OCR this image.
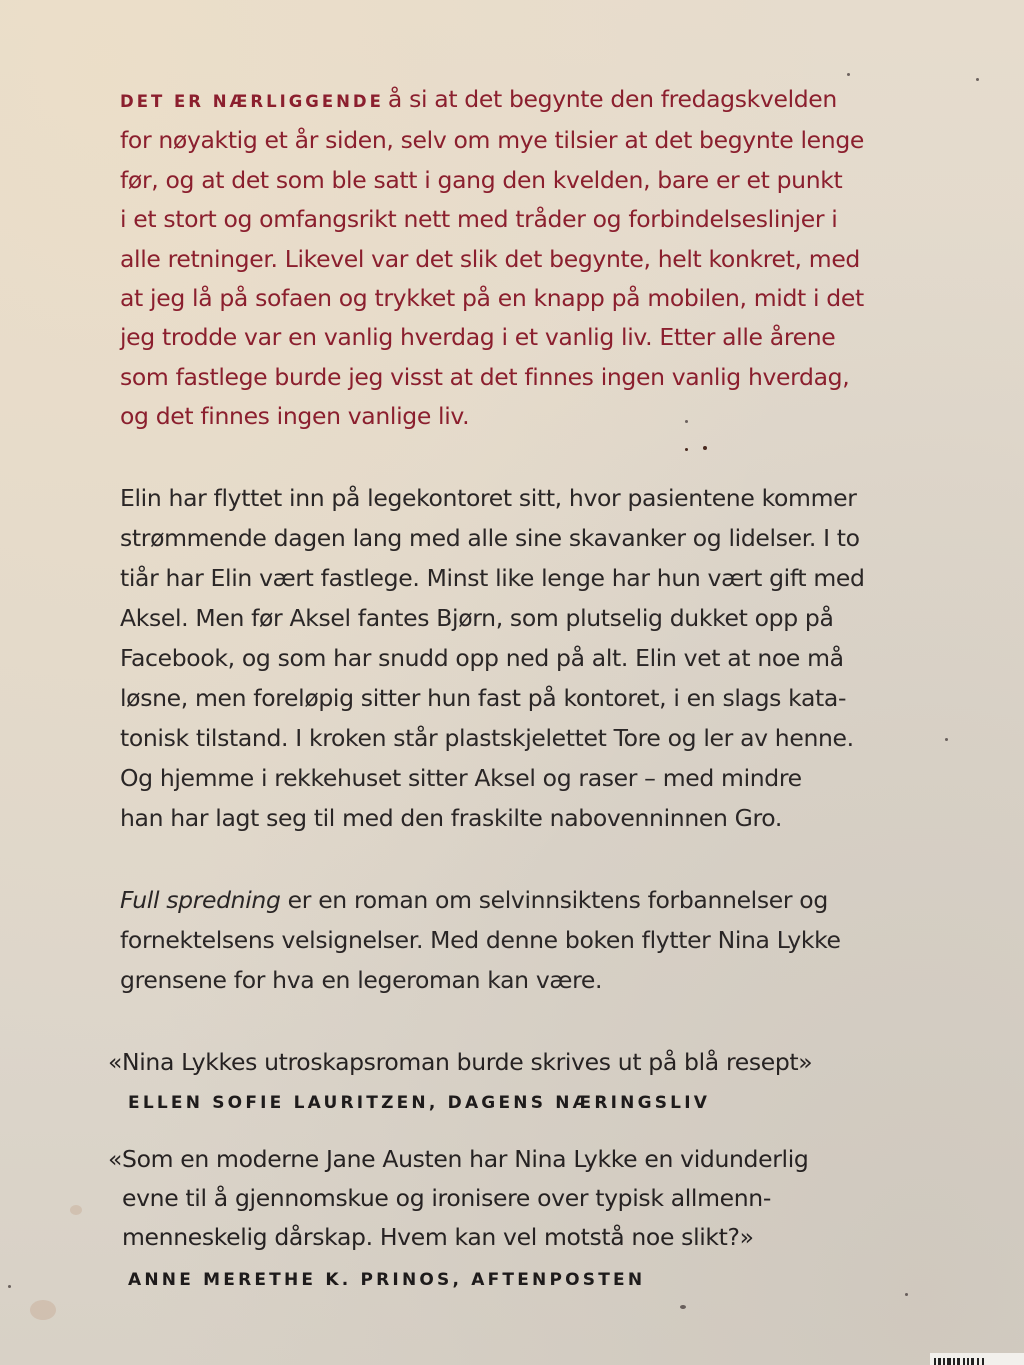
DET ER NÆRLIGGENDE å si at det begynte den fredagskvelden
for nøyaktig et år siden, selv om mye tilsier at det begynte lenge
før, og at det som ble satt i gang den kvelden, bare er et punkt
i et stort og omfangsrikt nett med tråder og forbindelseslinjer i
alle retninger. Likevel var det slik det begynte, helt konkret, med
at jeg lå på sofaen og trykket på en knapp på mobilen, midt i det
jeg trodde var en vanlig hverdag i et vanlig liv. Etter alle årene
som fastlege burde jeg visst at det finnes ingen vanlig hverdag,
og det finnes ingen vanlige liv.

Elin har flyttet inn på legekontoret sitt, hvor pasientene kommer
strømmende dagen lang med alle sine skavanker og lidelser. I to
tiår har Elin vært fastlege. Minst like lenge har hun vært gift med
Aksel. Men før Aksel fantes Bjørn, som plutselig dukket opp på
Facebook, og som har snudd opp ned på alt. Elin vet at noe må
løsne, men foreløpig sitter hun fast på kontoret, i en slags kata-
tonisk tilstand. I kroken står plastskjelettet Tore og ler av henne.
Og hjemme i rekkehuset sitter Aksel og raser – med mindre
han har lagt seg til med den fraskilte nabovenninnen Gro.

Full spredning er en roman om selvinnsiktens forbannelser og
fornektelsens velsignelser. Med denne boken flytter Nina Lykke
grensene for hva en legeroman kan være.

«Nina Lykkes utroskapsroman burde skrives ut på blå resept»

ELLEN SOFIE LAURITZEN, DAGENS NÆRINGSLIV

«Som en moderne Jane Austen har Nina Lykke en vidunderlig
evne til å gjennomskue og ironisere over typisk allmenn-
menneskelig dårskap. Hvem kan vel motstå noe slikt?»

ANNE MERETHE K. PRINOS, AFTENPOSTEN
